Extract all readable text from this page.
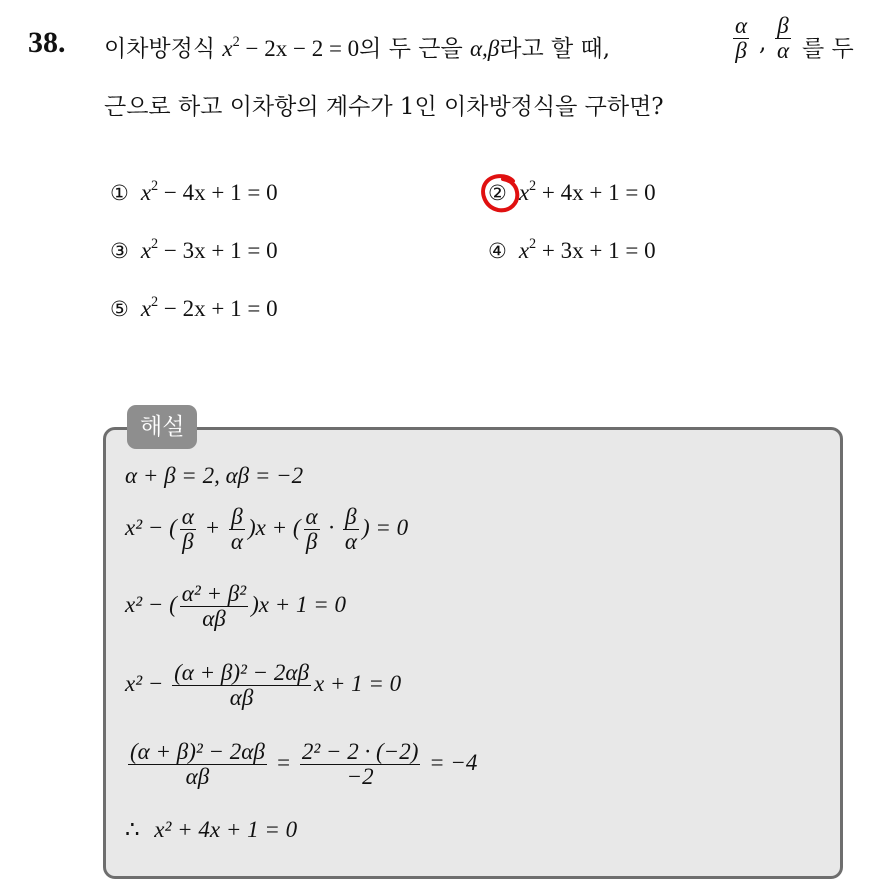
38. 이차방정식 $x^2 - 2x - 2 = 0$의 두 근을 α,β라고 할 때,	$\frac{\alpha}{\beta}$ , $\frac{\beta}{\alpha}$ 를 두
근으로 하고 이차항의 계수가 1인 이차방정식을 구하면?
① $x^2 - 4x + 1 = 0$	② $x^2 + 4x + 1 = 0$
③ $x^2 - 3x + 1 = 0$	④ $x^2 + 3x + 1 = 0$
⑤ $x^2 - 2x + 1 = 0$
해설
α + β = 2, αβ = −2
x² − ( $\frac{\alpha}{\beta} + \frac{\beta}{\alpha} )x$ + ( $\frac{\alpha}{\beta} \cdot \frac{\beta}{\alpha}$ ) = 0
x² − ( $\frac{\text{α² + β²}}{\alpha\beta} )x + 1 = 0$
$x^2 - \frac{\text{(α + β)² − 2αβ}}{\alpha\beta}$ x + 1 = 0
$\frac{\text{(α + β)² − 2αβ}}{\alpha\beta} = \frac{\text{2² − 2 · (−2)}}{-2} = -4$
∴ x² + 4x + 1 = 0
